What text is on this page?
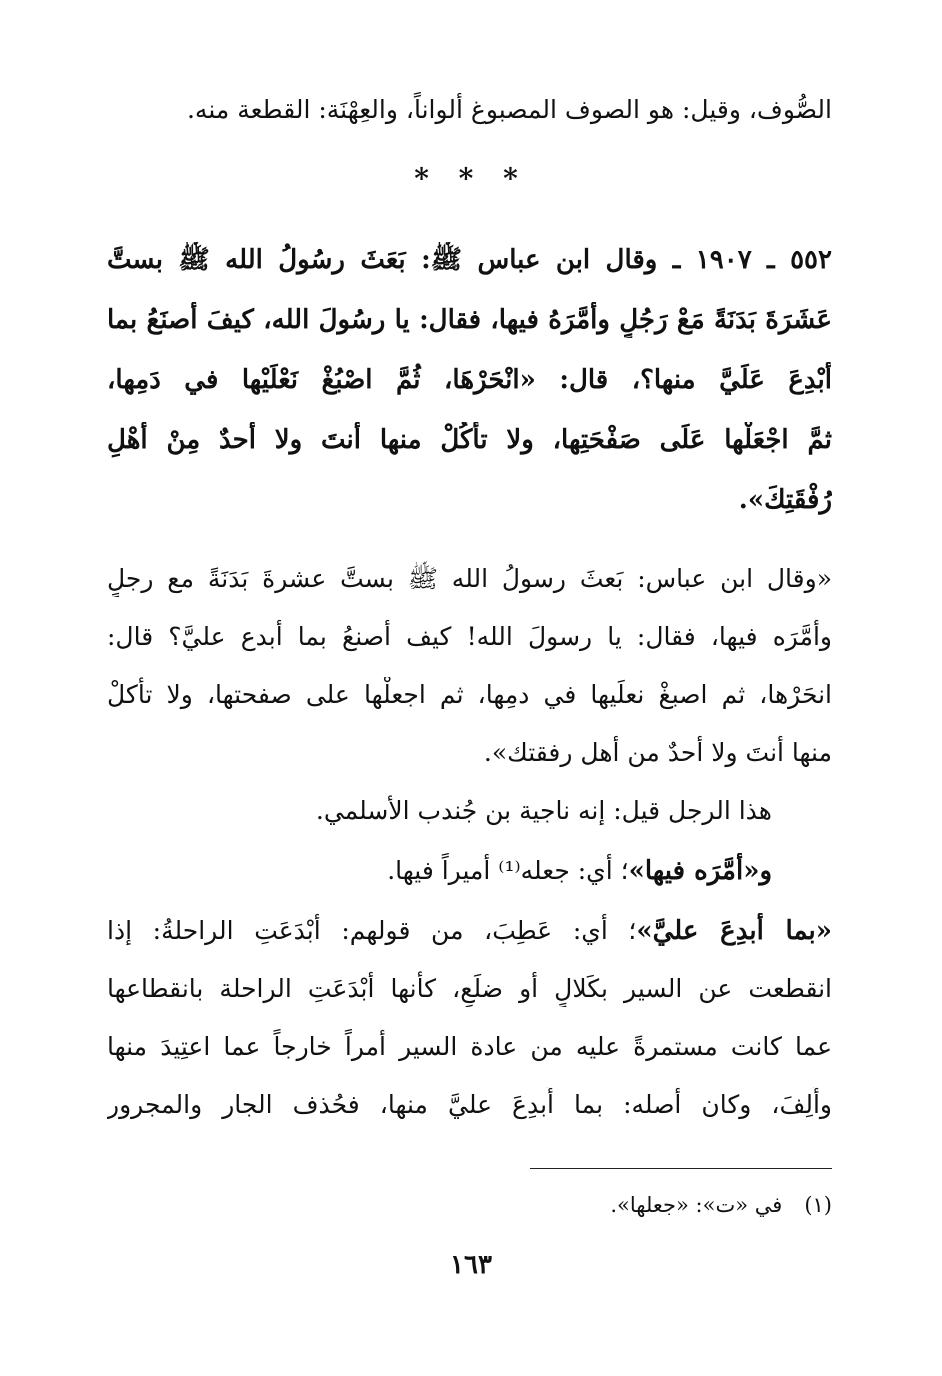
الصُّوف، وقيل: هو الصوف المصبوغ ألواناً، والعِهْنَة: القطعة منه.
* * *
٥٥٢ ـ ١٩٠٧ ـ وقال ابن عباس ﷺ: بَعَثَ رسُولُ الله ﷺ بستَّ
عَشَرَةَ بَدَنَةً مَعْ رَجُلٍ وأمَّرَهُ فيها، فقال: يا رسُولَ الله، كيفَ أصنَعُ بما
أُبْدِعَ عَلَيَّ منها؟، قال: «انْحَرْهَا، ثُمَّ اصْبُغْ نَعْلَيْها في دَمِها،
ثمَّ اجْعَلْها عَلَى صَفْحَتِها، ولا تأْكُلْ منها أنتَ ولا أحدٌ مِنْ أهْلِ
رُفْقَتِكَ».
«وقال ابن عباس: بَعثَ رسولُ الله ﷺ بستَّ عشرةَ بَدَنَةً مع رجلٍ
وأمَّرَه فيها، فقال: يا رسولَ الله! كيف أصنعُ بما أبدع عليَّ؟ قال:
انحَرْها، ثم اصبغْ نعلَيها في دمِها، ثم اجعلْها على صفحتها، ولا تأكلْ
منها أنتَ ولا أحدٌ من أهل رفقتك».
هذا الرجل قيل: إنه ناجية بن جُندب الأسلمي.
و«أمَّرَه فيها»؛ أي: جعله⁽¹⁾ أميراً فيها.
«بما أُبدِعَ عليَّ»؛ أي: عَطِبَ، من قولهم: أَبْدَعَتِ الراحلةُ: إذا
انقطعت عن السير بكَلالٍ أو ضلَعٍ، كأنها أَبْدَعَتِ الراحلة بانقطاعها
عما كانت مستمرةً عليه من عادة السير أمراً خارجاً عما اعتِيدَ منها
وأُلِفَ، وكان أصله: بما أُبدِعَ عليَّ منها، فحُذف الجار والمجرور
(١)في «ت»: «جعلها».
١٦٣
